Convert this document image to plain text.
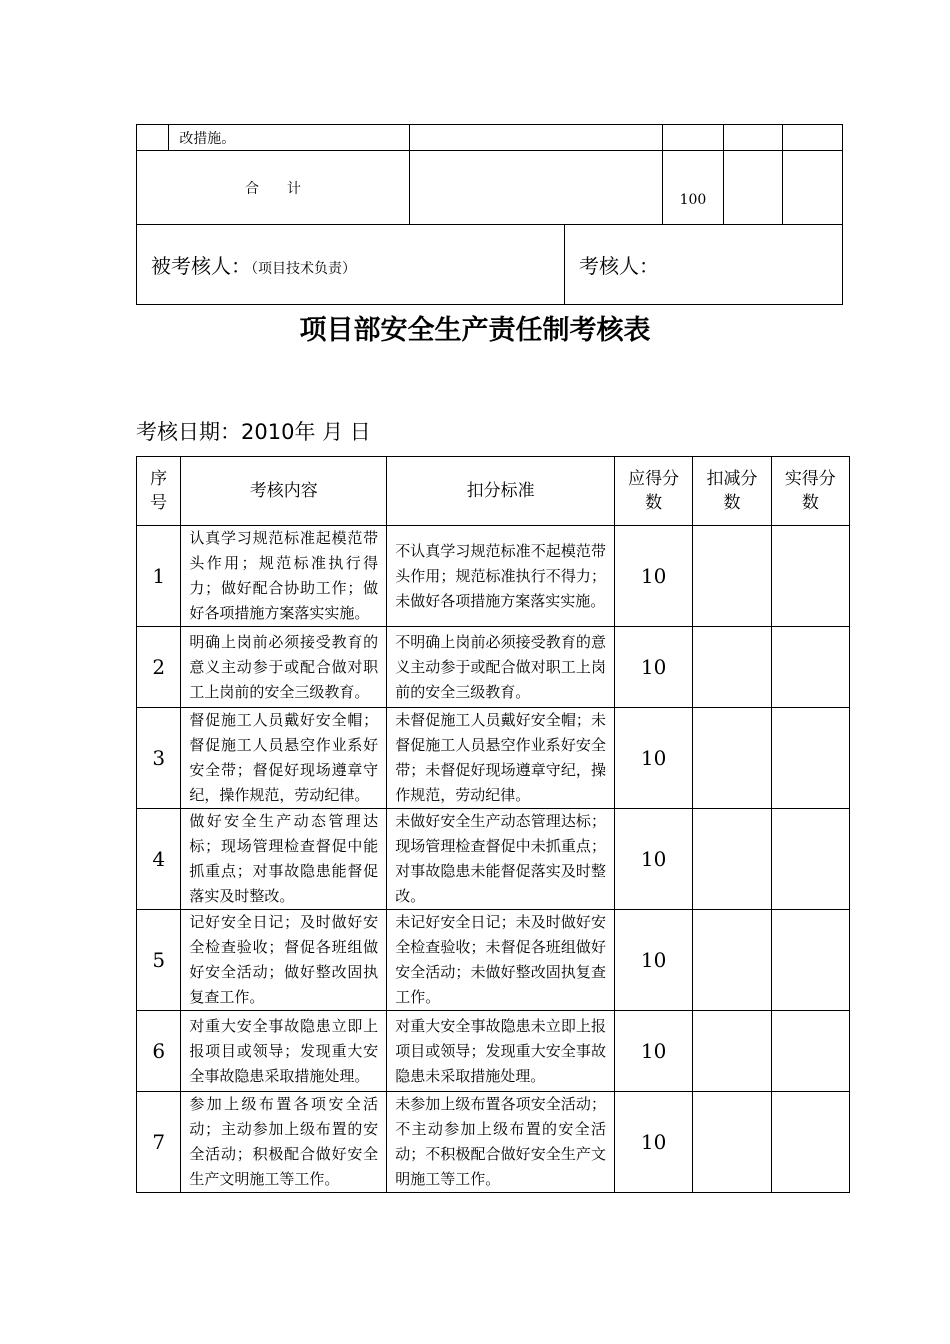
	改措施。				
合　　计			100		
被考核人：（项目技术负责）	考核人：
项目部安全生产责任制考核表
考核日期：2010年 月 日
序号	考核内容	扣分标准	应得分数	扣减分数	实得分数
1	认真学习规范标准起模范带头作用；规范标准执行得力；做好配合协助工作；做好各项措施方案落实实施。	不认真学习规范标准不起模范带头作用；规范标准执行不得力；未做好各项措施方案落实实施。	10		
2	明确上岗前必须接受教育的意义主动参于或配合做对职工上岗前的安全三级教育。	不明确上岗前必须接受教育的意义主动参于或配合做对职工上岗前的安全三级教育。	10		
3	督促施工人员戴好安全帽；督促施工人员悬空作业系好安全带；督促好现场遵章守纪，操作规范，劳动纪律。	未督促施工人员戴好安全帽；未督促施工人员悬空作业系好安全带；未督促好现场遵章守纪，操作规范，劳动纪律。	10		
4	做好安全生产动态管理达标；现场管理检查督促中能抓重点；对事故隐患能督促落实及时整改。	未做好安全生产动态管理达标；现场管理检查督促中未抓重点；对事故隐患未能督促落实及时整改。	10		
5	记好安全日记；及时做好安全检查验收；督促各班组做好安全活动；做好整改固执复查工作。	未记好安全日记；未及时做好安全检查验收；未督促各班组做好安全活动；未做好整改固执复查工作。	10		
6	对重大安全事故隐患立即上报项目或领导；发现重大安全事故隐患采取措施处理。	对重大安全事故隐患未立即上报项目或领导；发现重大安全事故隐患未采取措施处理。	10		
7	参加上级布置各项安全活动；主动参加上级布置的安全活动；积极配合做好安全生产文明施工等工作。	未参加上级布置各项安全活动；不主动参加上级布置的安全活动；不积极配合做好安全生产文明施工等工作。	10		
